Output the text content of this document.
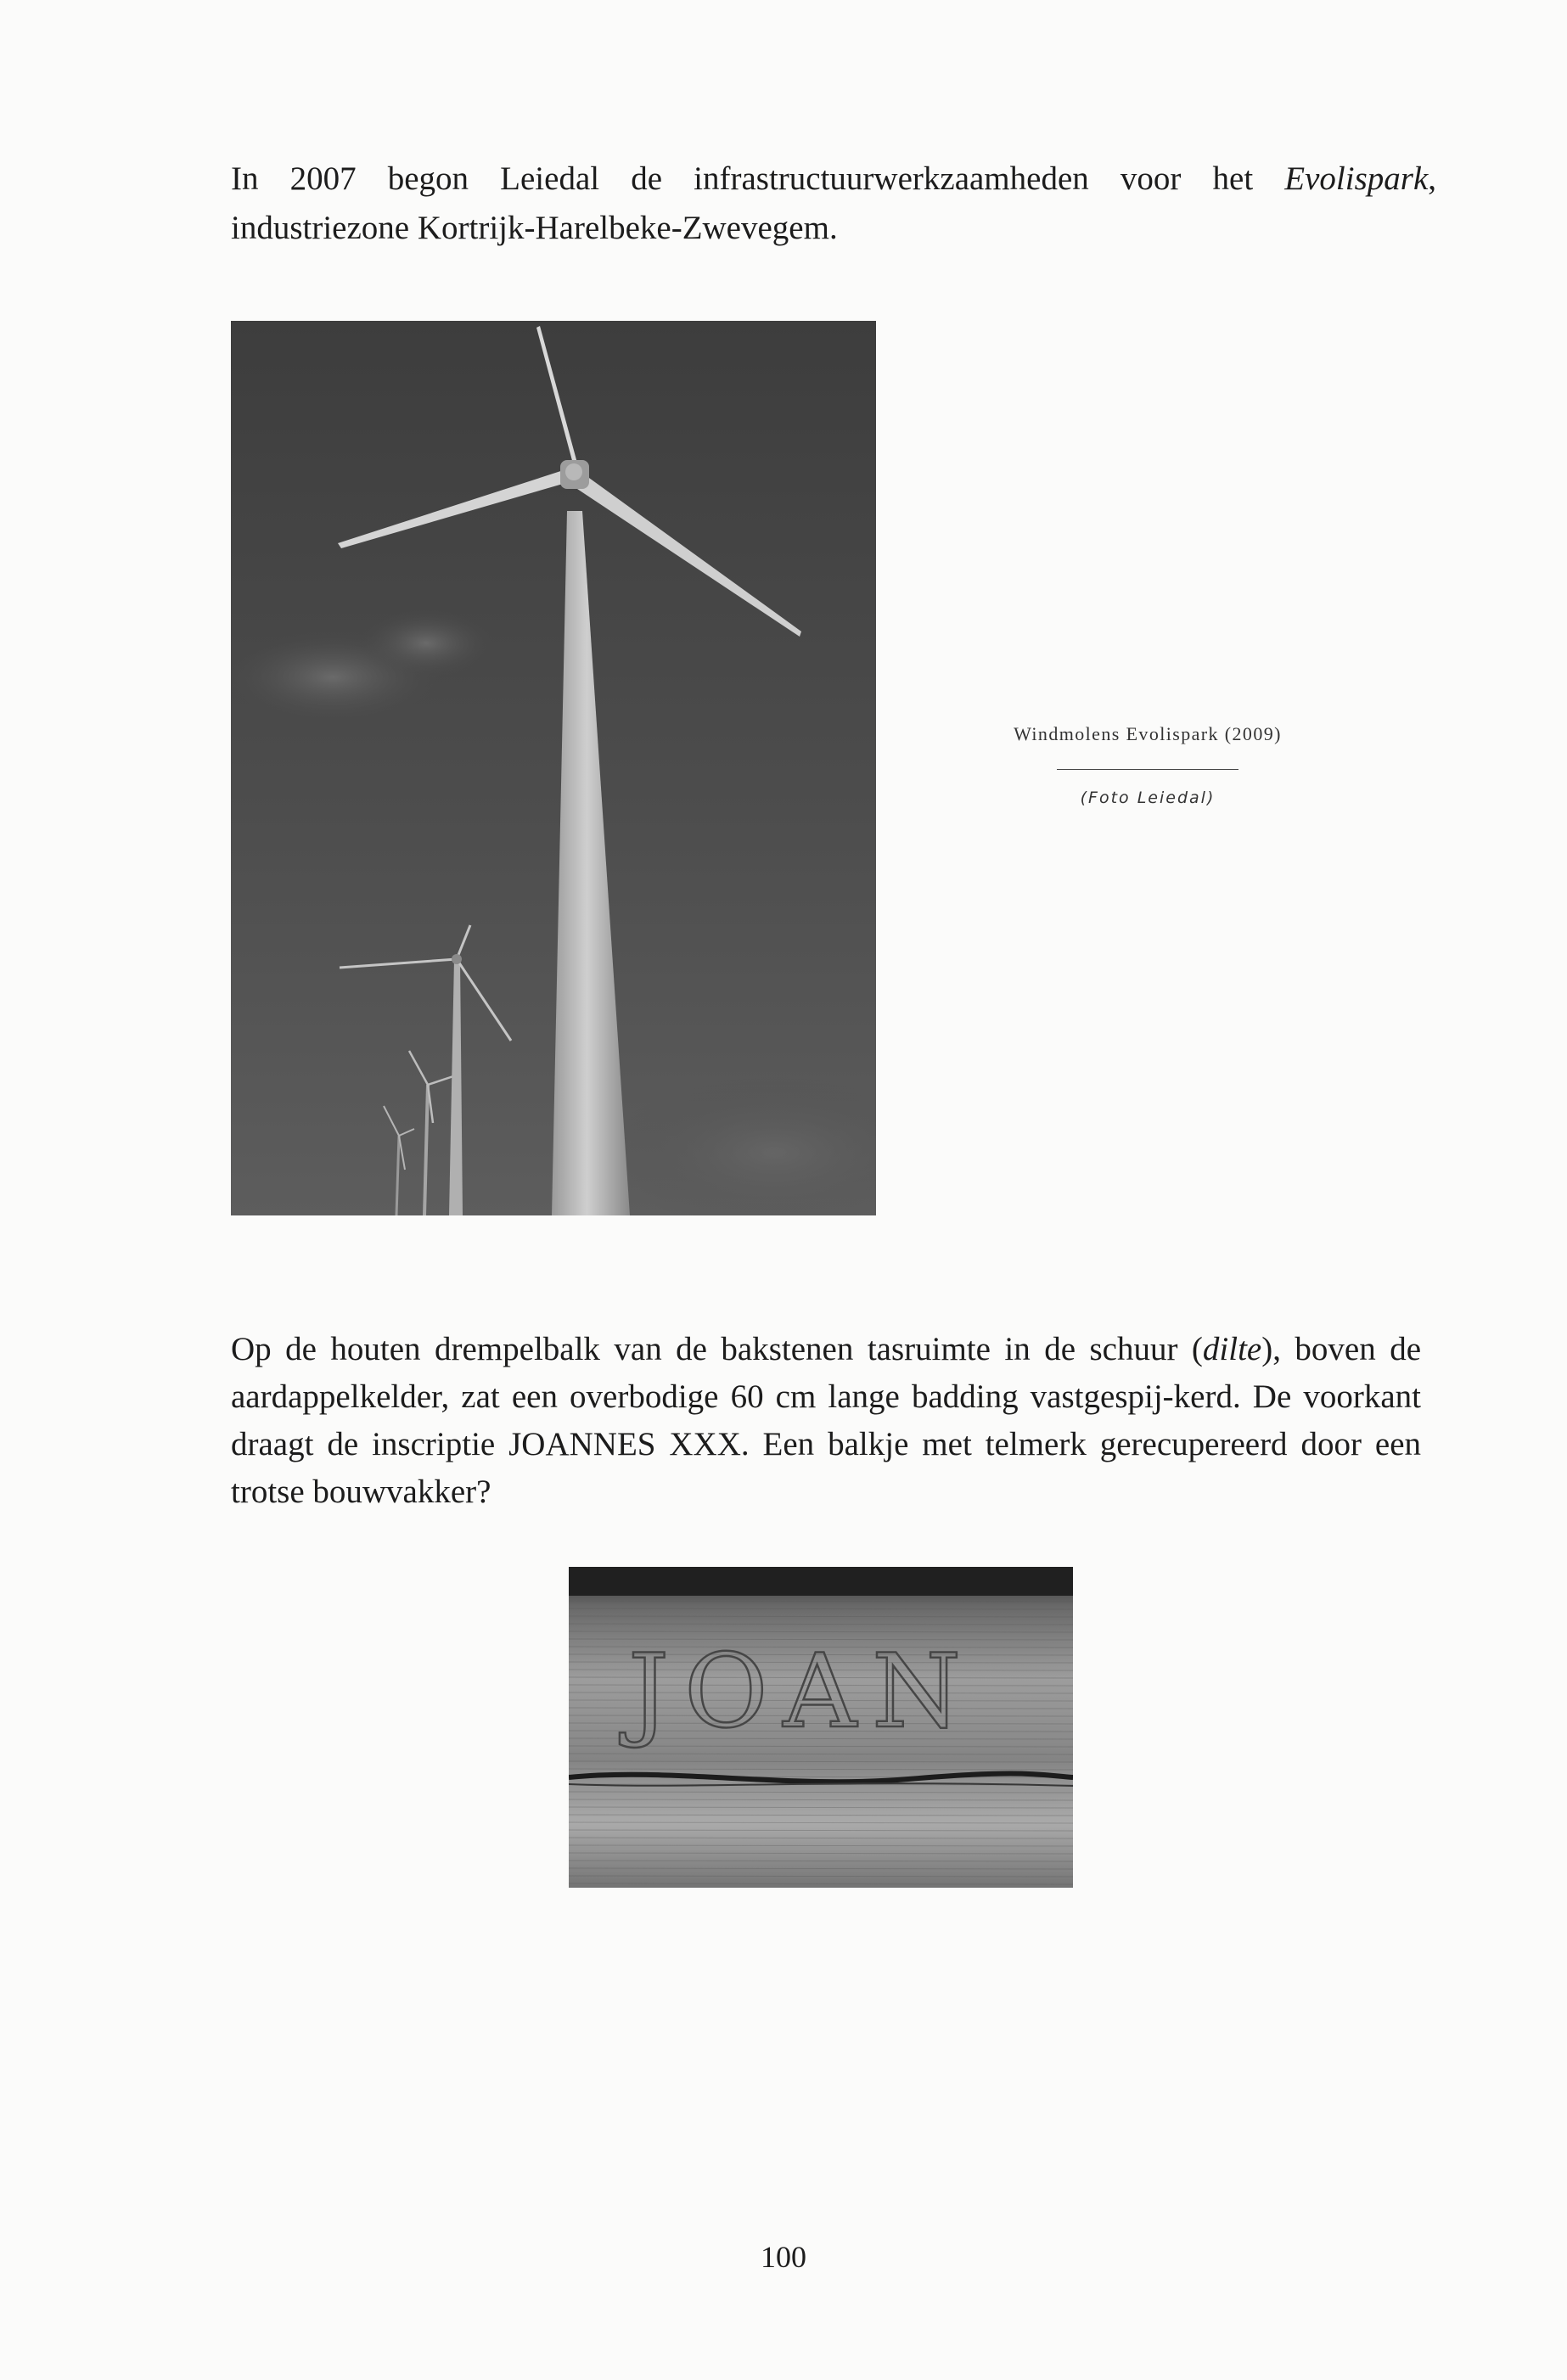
In 2007 begon Leiedal de infrastructuurwerkzaamheden voor het Evolispark, industriezone Kortrijk-Harelbeke-Zwevegem.

Windmolens Evolispark (2009)
(Foto Leiedal)

Op de houten drempelbalk van de bakstenen tasruimte in de schuur (dilte), boven de aardappelkelder, zat een overbodige 60 cm lange badding vastgespij-kerd. De voorkant draagt de inscriptie JOANNES XXX. Een balkje met telmerk gerecupereerd door een trotse bouwvakker?

JOAN
100
